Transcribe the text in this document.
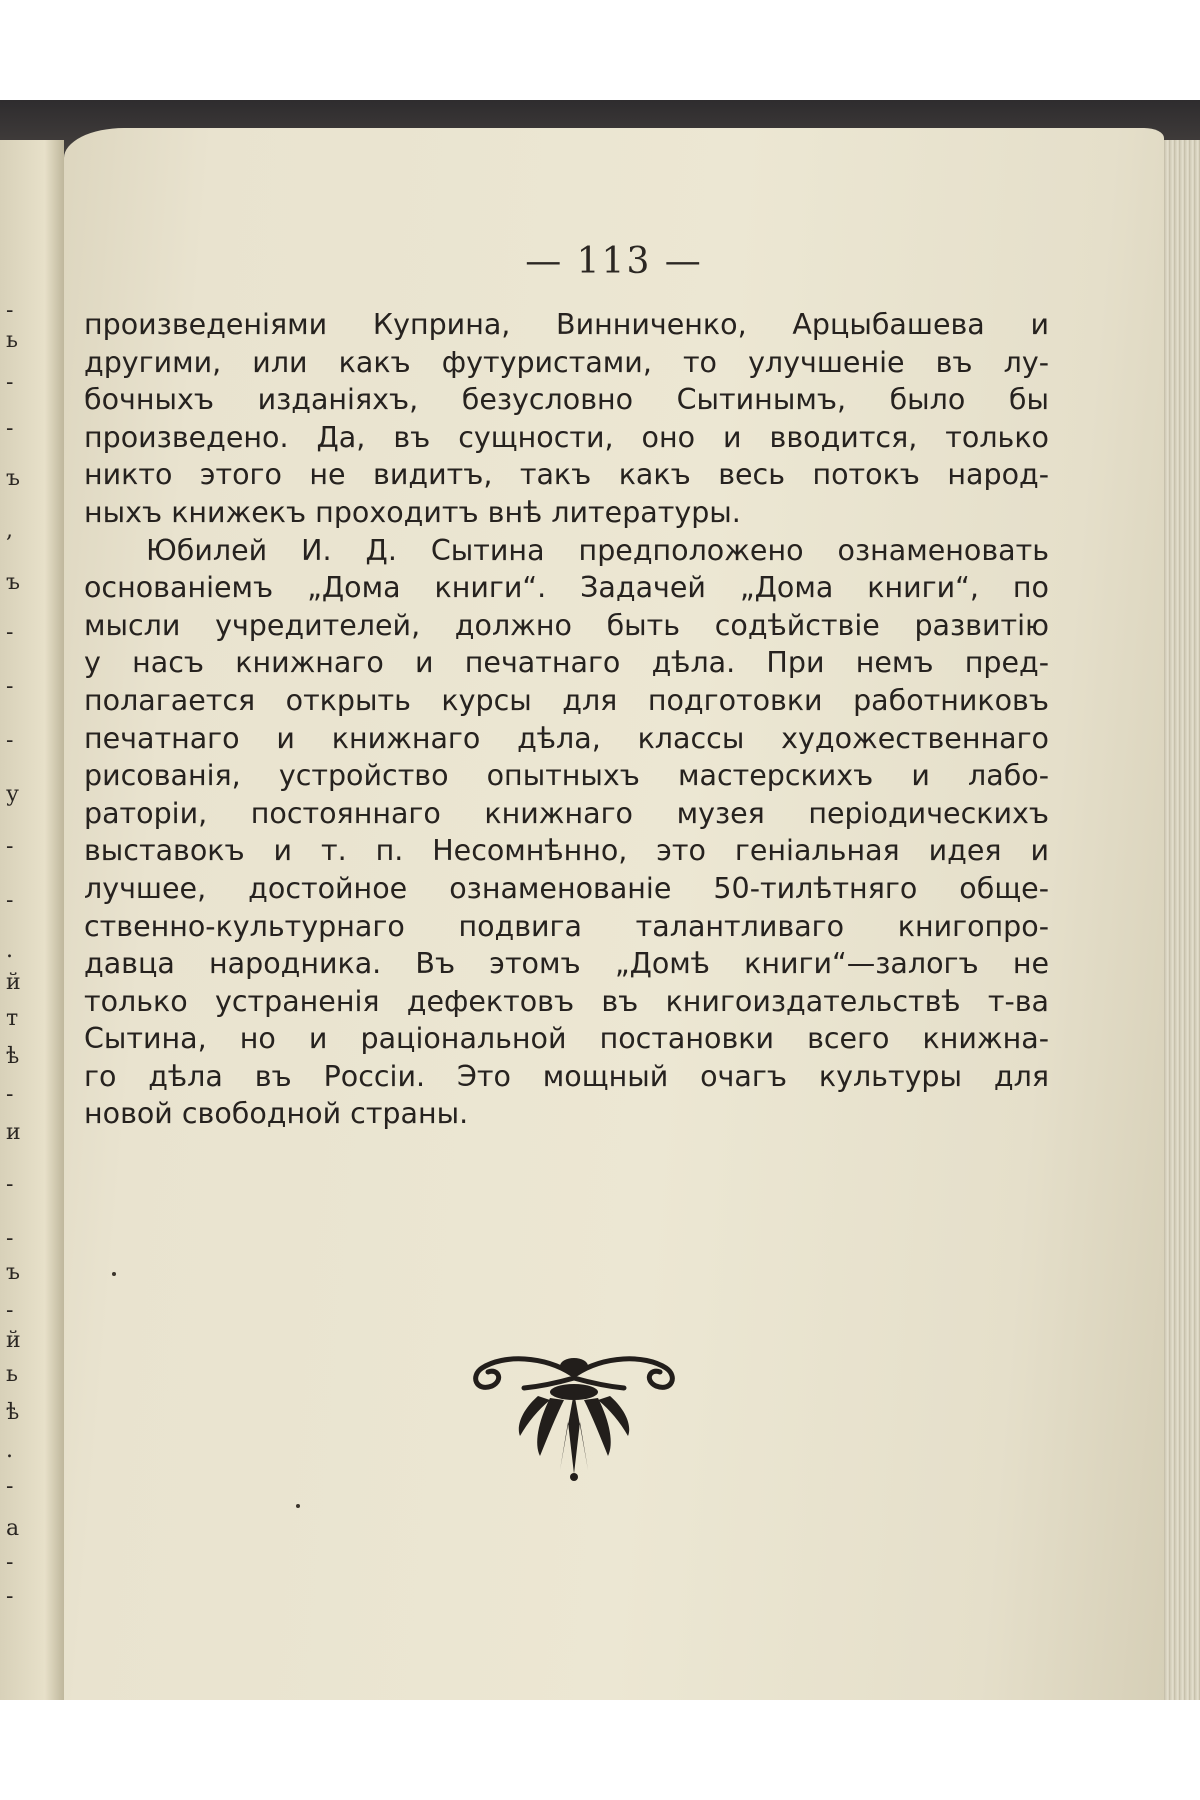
-
ь
-
-
ъ
,
ъ
-
-
-
у
-
-
.
й
т
ѣ
-
и
-
-
ъ
-
й
ь
ѣ
.
-
а
-
-
— 113 —

произведеніями Куприна, Винниченко, Арцыбашева и

другими, или какъ футуристами, то улучшеніе въ лу-

бочныхъ изданіяхъ, безусловно Сытинымъ, было бы

произведено. Да, въ сущности, оно и вводится, только

никто этого не видитъ, такъ какъ весь потокъ народ-

ныхъ книжекъ проходитъ внѣ литературы.

Юбилей И. Д. Сытина предположено ознаменовать

основаніемъ „Дома книги“. Задачей „Дома книги“, по

мысли учредителей, должно быть содѣйствіе развитію

у насъ книжнаго и печатнаго дѣла. При немъ пред-

полагается открыть курсы для подготовки работниковъ

печатнаго и книжнаго дѣла, классы художественнаго

рисованія, устройство опытныхъ мастерскихъ и лабо-

раторіи, постояннаго книжнаго музея періодическихъ

выставокъ и т. п. Несомнѣнно, это геніальная идея и

лучшее, достойное ознаменованіе 50-тилѣтняго обще-

ственно-культурнаго подвига талантливаго книгопро-

давца народника. Въ этомъ „Домѣ книги“—залогъ не

только устраненія дефектовъ въ книгоиздательствѣ т-ва

Сытина, но и раціональной постановки всего книжна-

го дѣла въ Россіи. Это мощный очагъ культуры для

новой свободной страны.
